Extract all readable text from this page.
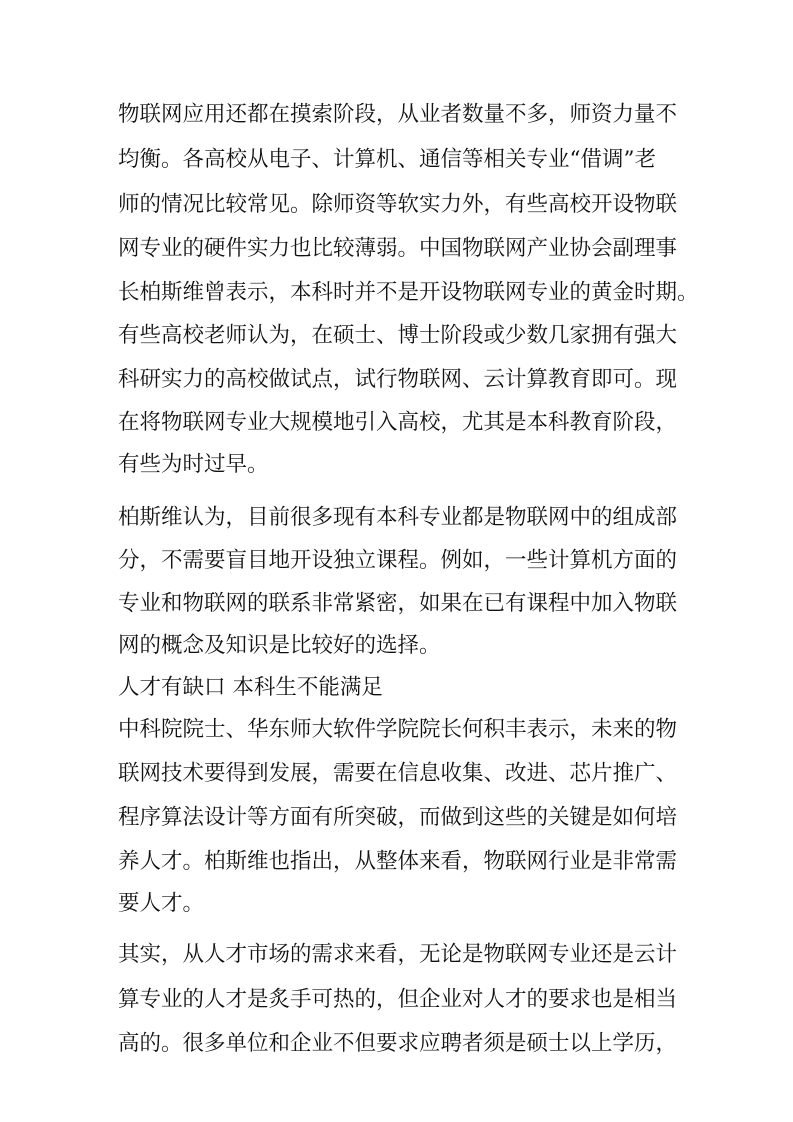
物联网应用还都在摸索阶段，从业者数量不多，师资力量不
均衡。各高校从电子、计算机、通信等相关专业“借调”老
师的情况比较常见。除师资等软实力外，有些高校开设物联
网专业的硬件实力也比较薄弱。中国物联网产业协会副理事
长柏斯维曾表示，本科时并不是开设物联网专业的黄金时期。
有些高校老师认为，在硕士、博士阶段或少数几家拥有强大
科研实力的高校做试点，试行物联网、云计算教育即可。现
在将物联网专业大规模地引入高校，尤其是本科教育阶段，
有些为时过早。
柏斯维认为，目前很多现有本科专业都是物联网中的组成部
分，不需要盲目地开设独立课程。例如，一些计算机方面的
专业和物联网的联系非常紧密，如果在已有课程中加入物联
网的概念及知识是比较好的选择。
人才有缺口 本科生不能满足
中科院院士、华东师大软件学院院长何积丰表示，未来的物
联网技术要得到发展，需要在信息收集、改进、芯片推广、
程序算法设计等方面有所突破，而做到这些的关键是如何培
养人才。柏斯维也指出，从整体来看，物联网行业是非常需
要人才。
其实，从人才市场的需求来看，无论是物联网专业还是云计
算专业的人才是炙手可热的，但企业对人才的要求也是相当
高的。很多单位和企业不但要求应聘者须是硕士以上学历，
